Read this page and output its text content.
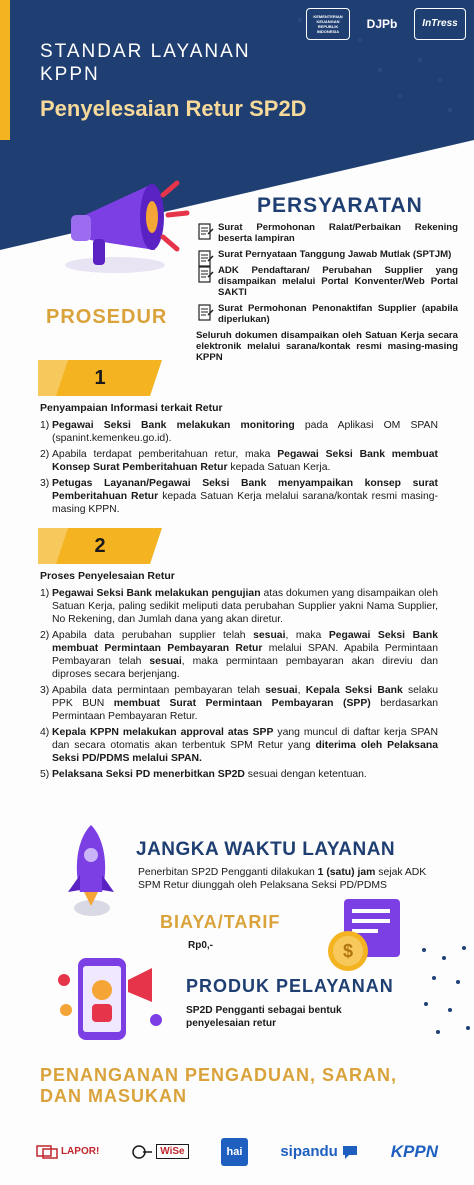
KEMENTERIAN KEUANGAN REPUBLIK INDONESIA
DJPb InTress
STANDAR LAYANAN
KPPN
Penyelesaian Retur SP2D
PERSYARATAN
Surat Permohonan Ralat/Perbaikan Rekening beserta lampiran
Surat Pernyataan Tanggung Jawab Mutlak (SPTJM)
ADK Pendaftaran/ Perubahan Supplier yang disampaikan melalui Portal Konventer/Web Portal SAKTI
Surat Permohonan Penonaktifan Supplier (apabila diperlukan)
Seluruh dokumen disampaikan oleh Satuan Kerja secara elektronik melalui sarana/kontak resmi masing-masing KPPN
PROSEDUR
1
Penyampaian Informasi terkait Retur
1) Pegawai Seksi Bank melakukan monitoring pada Aplikasi OM SPAN (spanint.kemenkeu.go.id).
2) Apabila terdapat pemberitahuan retur, maka Pegawai Seksi Bank membuat Konsep Surat Pemberitahuan Retur kepada Satuan Kerja.
3) Petugas Layanan/Pegawai Seksi Bank menyampaikan konsep surat Pemberitahuan Retur kepada Satuan Kerja melalui sarana/kontak resmi masing-masing KPPN.
2
Proses Penyelesaian Retur
1) Pegawai Seksi Bank melakukan pengujian atas dokumen yang disampaikan oleh Satuan Kerja, paling sedikit meliputi data perubahan Supplier yakni Nama Supplier, No Rekening, dan Jumlah dana yang akan diretur.
2) Apabila data perubahan supplier telah sesuai, maka Pegawai Seksi Bank membuat Permintaan Pembayaran Retur melalui SPAN. Apabila Permintaan Pembayaran telah sesuai, maka permintaan pembayaran akan direviu dan diproses secara berjenjang.
3) Apabila data permintaan pembayaran telah sesuai, Kepala Seksi Bank selaku PPK BUN membuat Surat Permintaan Pembayaran (SPP) berdasarkan Permintaan Pembayaran Retur.
4) Kepala KPPN melakukan approval atas SPP yang muncul di daftar kerja SPAN dan secara otomatis akan terbentuk SPM Retur yang diterima oleh Pelaksana Seksi PD/PDMS melalui SPAN.
5) Pelaksana Seksi PD menerbitkan SP2D sesuai dengan ketentuan.
JANGKA WAKTU LAYANAN
Penerbitan SP2D Pengganti dilakukan 1 (satu) jam sejak ADK SPM Retur diunggah oleh Pelaksana Seksi PD/PDMS
BIAYA/TARIF
Rp0,-	$
PRODUK PELAYANAN
SP2D Pengganti sebagai bentuk penyelesaian retur
PENANGANAN PENGADUAN, SARAN, DAN MASUKAN
LAPOR!	WiSe	hai	sipandu	KPPN
